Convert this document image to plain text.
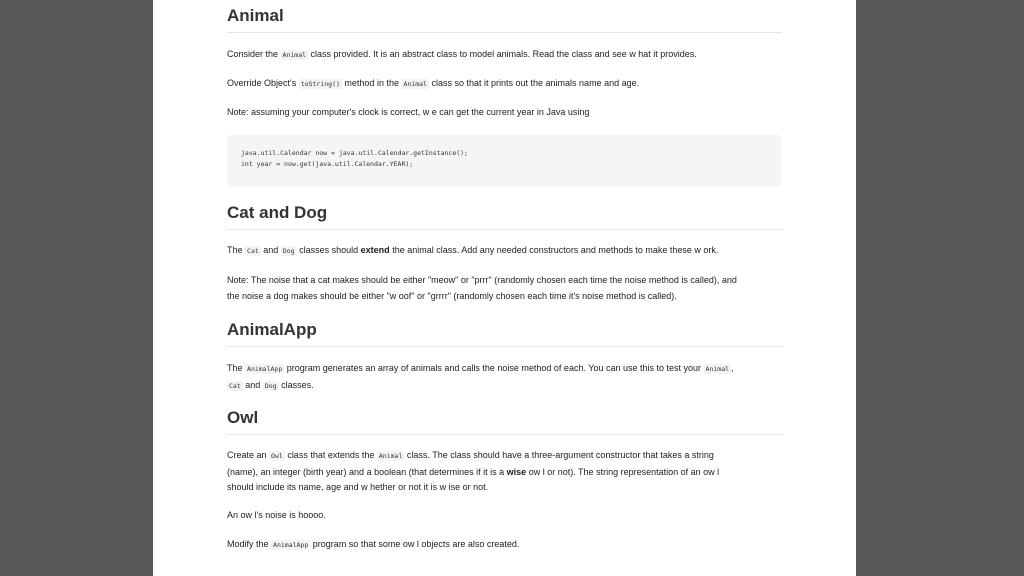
Animal

Consider the Animal class provided. It is an abstract class to model animals. Read the class and see w hat it provides.

Override Object's toString() method in the Animal class so that it prints out the animals name and age.

Note: assuming your computer's clock is correct, w e can get the current year in Java using

java.util.Calendar now = java.util.Calendar.getInstance();
int year = now.get(java.util.Calendar.YEAR);
Cat and Dog

The Cat and Dog classes should extend the animal class. Add any needed constructors and methods to make these w ork.

Note: The noise that a cat makes should be either "meow" or "prrr" (randomly chosen each time the noise method is called), and
the noise a dog makes should be either "w oof" or "grrrr" (randomly chosen each time it's noise method is called).

AnimalApp

The AnimalApp program generates an array of animals and calls the noise method of each. You can use this to test your Animal ,
Cat and Dog classes.

Owl

Create an Owl class that extends the Animal class. The class should have a three-argument constructor that takes a string
(name), an integer (birth year) and a boolean (that determines if it is a wise ow l or not). The string representation of an ow l
should include its name, age and w hether or not it is w ise or not.

An ow l's noise is hoooo.

Modify the AnimalApp program so that some ow l objects are also created.
